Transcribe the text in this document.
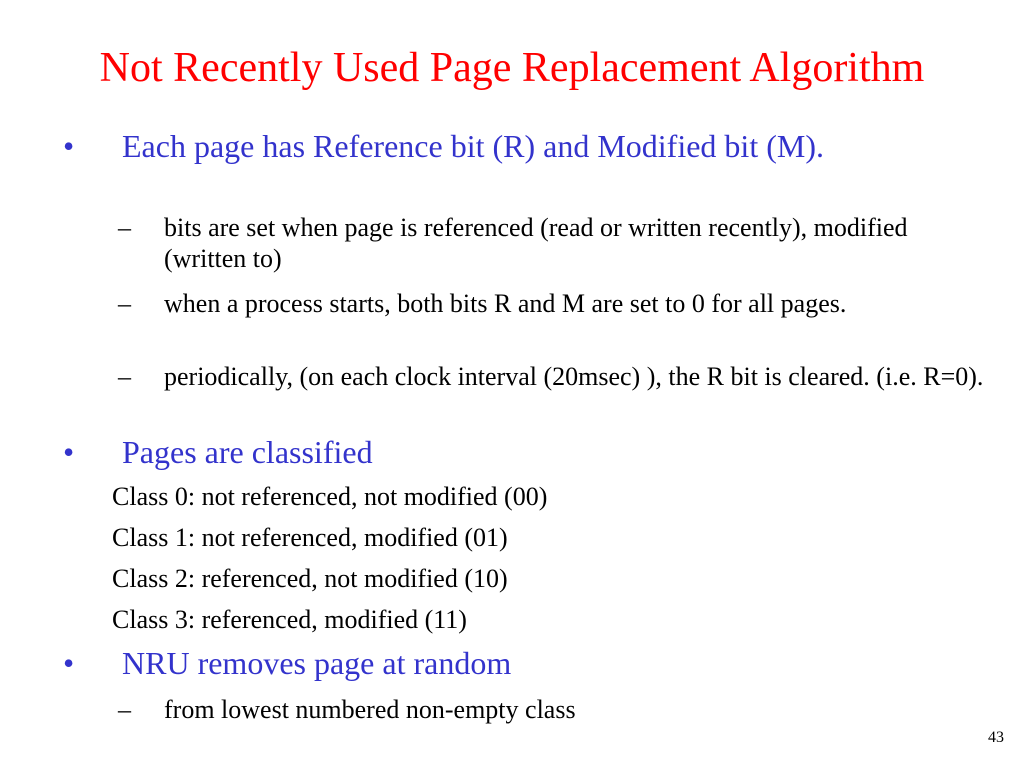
Not Recently Used Page Replacement Algorithm
• Each page has Reference bit (R) and Modified bit (M).
– bits are set when page is referenced (read or written recently), modified (written to)
– when a process starts, both bits R and M are set to 0 for all pages.
– periodically, (on each clock interval (20msec) ), the R bit is cleared. (i.e. R=0).
• Pages are classified
Class 0: not referenced, not modified (00)
Class 1: not referenced, modified (01)
Class 2: referenced, not modified (10)
Class 3: referenced, modified (11)
• NRU removes page at random
– from lowest numbered non-empty class
43
